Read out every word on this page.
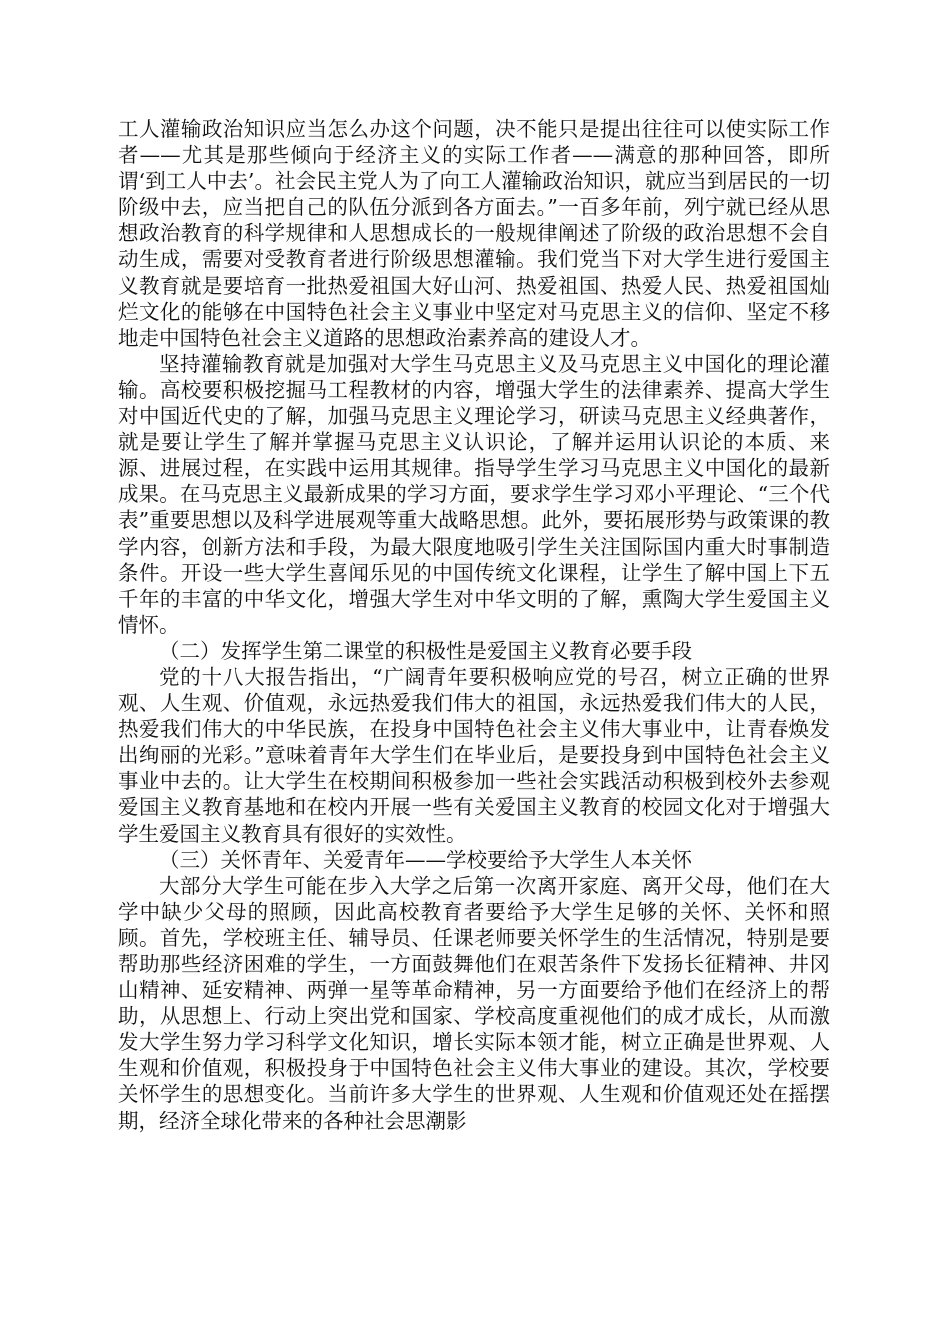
工人灌输政治知识应当怎么办这个问题，决不能只是提出往往可以使实际工作者——尤其是那些倾向于经济主义的实际工作者——满意的那种回答，即所谓‘到工人中去’。社会民主党人为了向工人灌输政治知识，就应当到居民的一切阶级中去，应当把自己的队伍分派到各方面去。”一百多年前，列宁就已经从思想政治教育的科学规律和人思想成长的一般规律阐述了阶级的政治思想不会自动生成，需要对受教育者进行阶级思想灌输。我们党当下对大学生进行爱国主义教育就是要培育一批热爱祖国大好山河、热爱祖国、热爱人民、热爱祖国灿烂文化的能够在中国特色社会主义事业中坚定对马克思主义的信仰、坚定不移地走中国特色社会主义道路的思想政治素养高的建设人才。

坚持灌输教育就是加强对大学生马克思主义及马克思主义中国化的理论灌输。高校要积极挖掘马工程教材的内容，增强大学生的法律素养、提高大学生对中国近代史的了解，加强马克思主义理论学习，研读马克思主义经典著作，就是要让学生了解并掌握马克思主义认识论，了解并运用认识论的本质、来源、进展过程，在实践中运用其规律。指导学生学习马克思主义中国化的最新成果。在马克思主义最新成果的学习方面，要求学生学习邓小平理论、“三个代表”重要思想以及科学进展观等重大战略思想。此外，要拓展形势与政策课的教学内容，创新方法和手段，为最大限度地吸引学生关注国际国内重大时事制造条件。开设一些大学生喜闻乐见的中国传统文化课程，让学生了解中国上下五千年的丰富的中华文化，增强大学生对中华文明的了解，熏陶大学生爱国主义情怀。

（二）发挥学生第二课堂的积极性是爱国主义教育必要手段

党的十八大报告指出，“广阔青年要积极响应党的号召，树立正确的世界观、人生观、价值观，永远热爱我们伟大的祖国，永远热爱我们伟大的人民，热爱我们伟大的中华民族，在投身中国特色社会主义伟大事业中，让青春焕发出绚丽的光彩。”意味着青年大学生们在毕业后，是要投身到中国特色社会主义事业中去的。让大学生在校期间积极参加一些社会实践活动积极到校外去参观爱国主义教育基地和在校内开展一些有关爱国主义教育的校园文化对于增强大学生爱国主义教育具有很好的实效性。

（三）关怀青年、关爱青年——学校要给予大学生人本关怀

大部分大学生可能在步入大学之后第一次离开家庭、离开父母，他们在大学中缺少父母的照顾，因此高校教育者要给予大学生足够的关怀、关怀和照顾。首先，学校班主任、辅导员、任课老师要关怀学生的生活情况，特别是要帮助那些经济困难的学生，一方面鼓舞他们在艰苦条件下发扬长征精神、井冈山精神、延安精神、两弹一星等革命精神，另一方面要给予他们在经济上的帮助，从思想上、行动上突出党和国家、学校高度重视他们的成才成长，从而激发大学生努力学习科学文化知识，增长实际本领才能，树立正确是世界观、人生观和价值观，积极投身于中国特色社会主义伟大事业的建设。其次，学校要关怀学生的思想变化。当前许多大学生的世界观、人生观和价值观还处在摇摆期，经济全球化带来的各种社会思潮影
